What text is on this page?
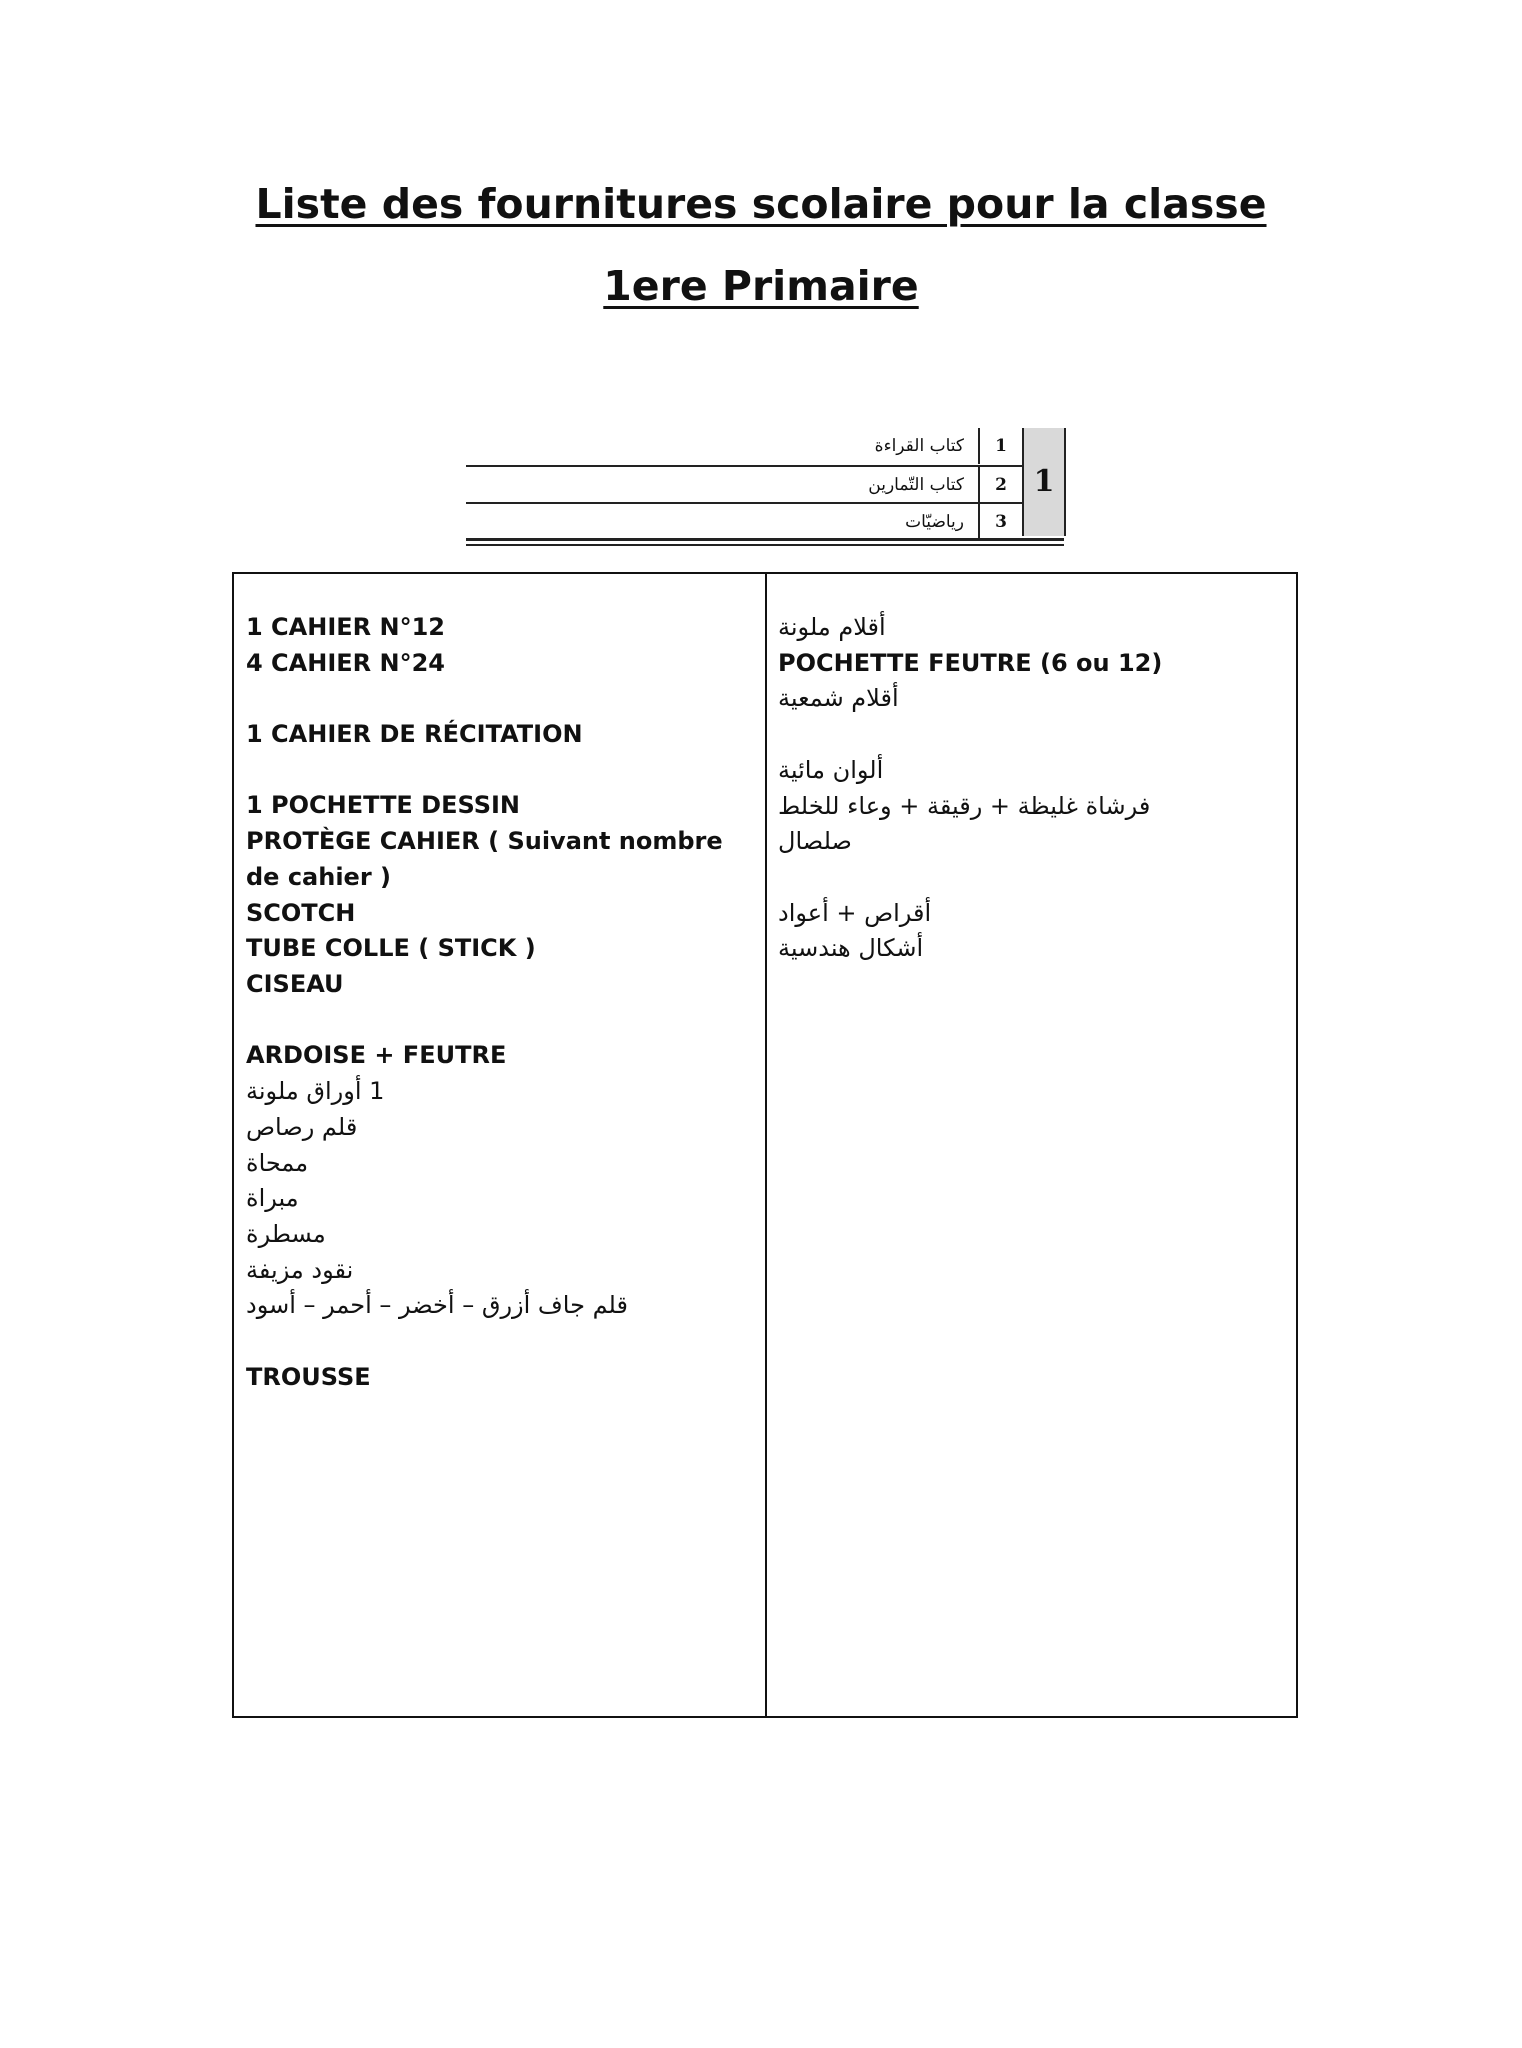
Liste des fournitures scolaire pour la classe
1ere Primaire
كتاب القراءة	1
كتاب التّمارين	2
رياضيّات	3
1
1 CAHIER N°12
4 CAHIER N°24
1 CAHIER DE RÉCITATION
1 POCHETTE DESSIN
PROTÈGE CAHIER ( Suivant nombre de cahier )
SCOTCH
TUBE COLLE ( STICK )
CISEAU
ARDOISE + FEUTRE
1 أوراق ملونة
قلم رصاص
ممحاة
مبراة
مسطرة
نقود مزيفة
قلم جاف أزرق – أخضر – أحمر – أسود
TROUSSE
أقلام ملونة
POCHETTE FEUTRE (6 ou 12)
أقلام شمعية
ألوان مائية
فرشاة غليظة + رقيقة + وعاء للخلط
صلصال
أقراص + أعواد
أشكال هندسية
